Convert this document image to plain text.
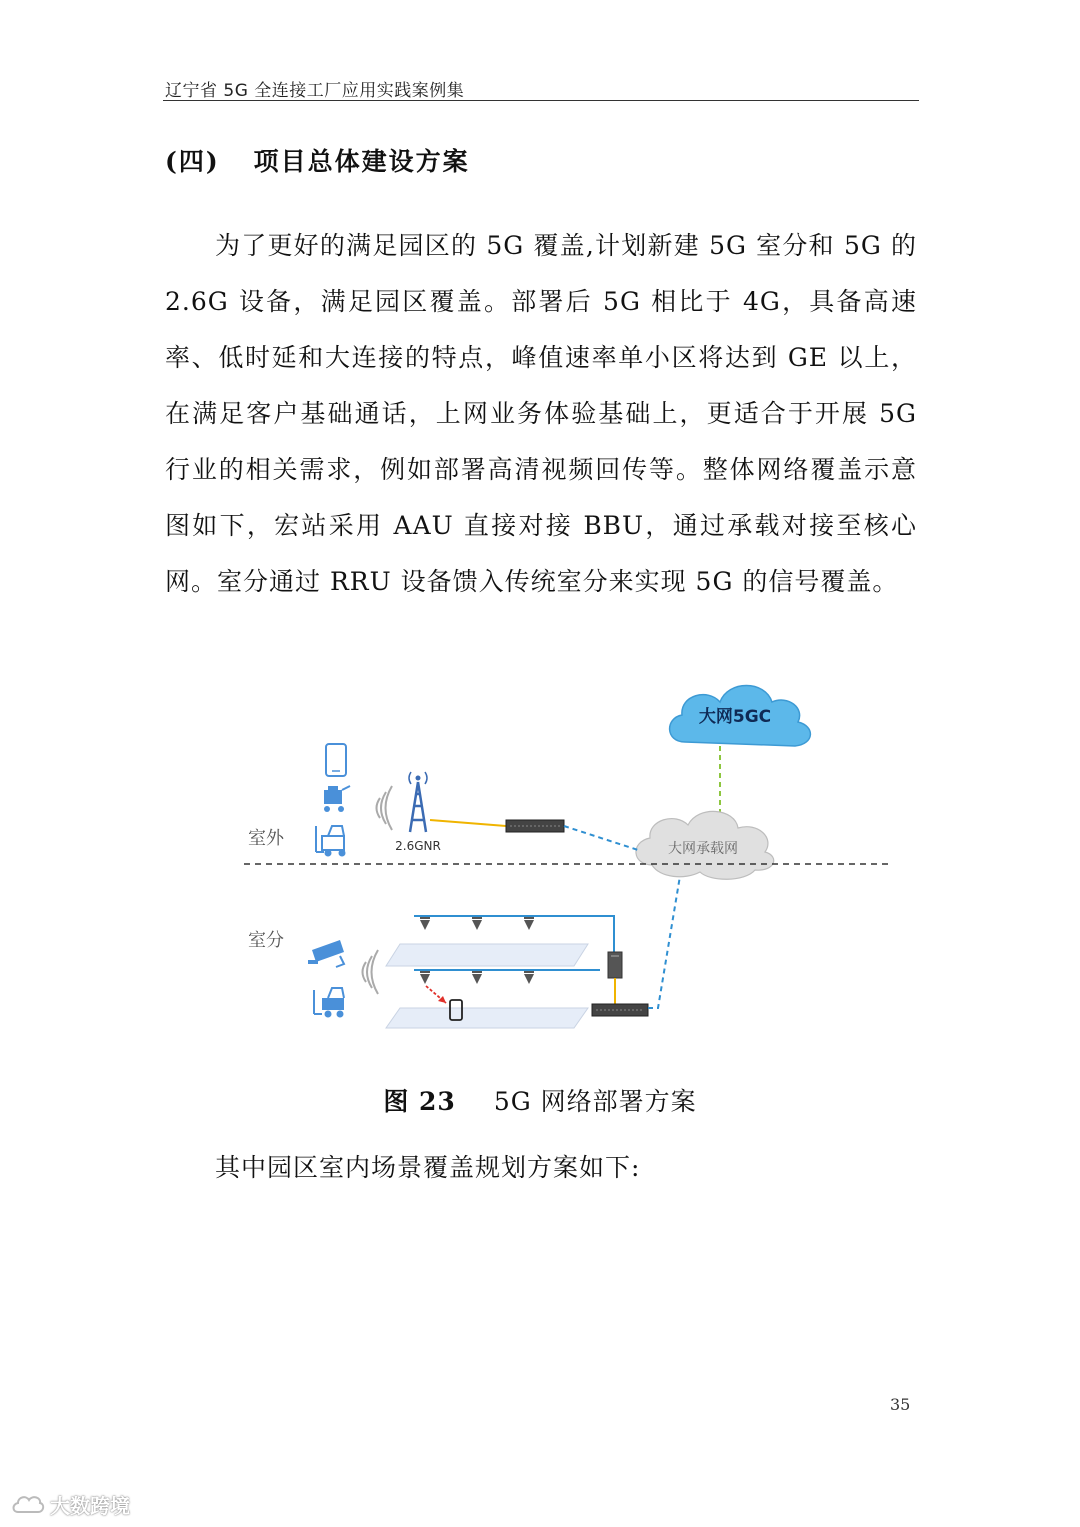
辽宁省 5G 全连接工厂应用实践案例集
(四) 项目总体建设方案

为了更好的满足园区的 5G 覆盖,计划新建 5G 室分和 5G 的 2.6G 设备，满足园区覆盖。部署后 5G 相比于 4G，具备高速率、低时延和大连接的特点，峰值速率单小区将达到 GE 以上，在满足客户基础通话，上网业务体验基础上，更适合于开展 5G 行业的相关需求，例如部署高清视频回传等。整体网络覆盖示意图如下，宏站采用 AAU 直接对接 BBU，通过承载对接至核心网。室分通过 RRU 设备馈入传统室分来实现 5G 的信号覆盖。

大网5GC
大网承载网
室外
室分
2.6GNR
图 23 5G 网络部署方案
其中园区室内场景覆盖规划方案如下:
35
大数跨境
